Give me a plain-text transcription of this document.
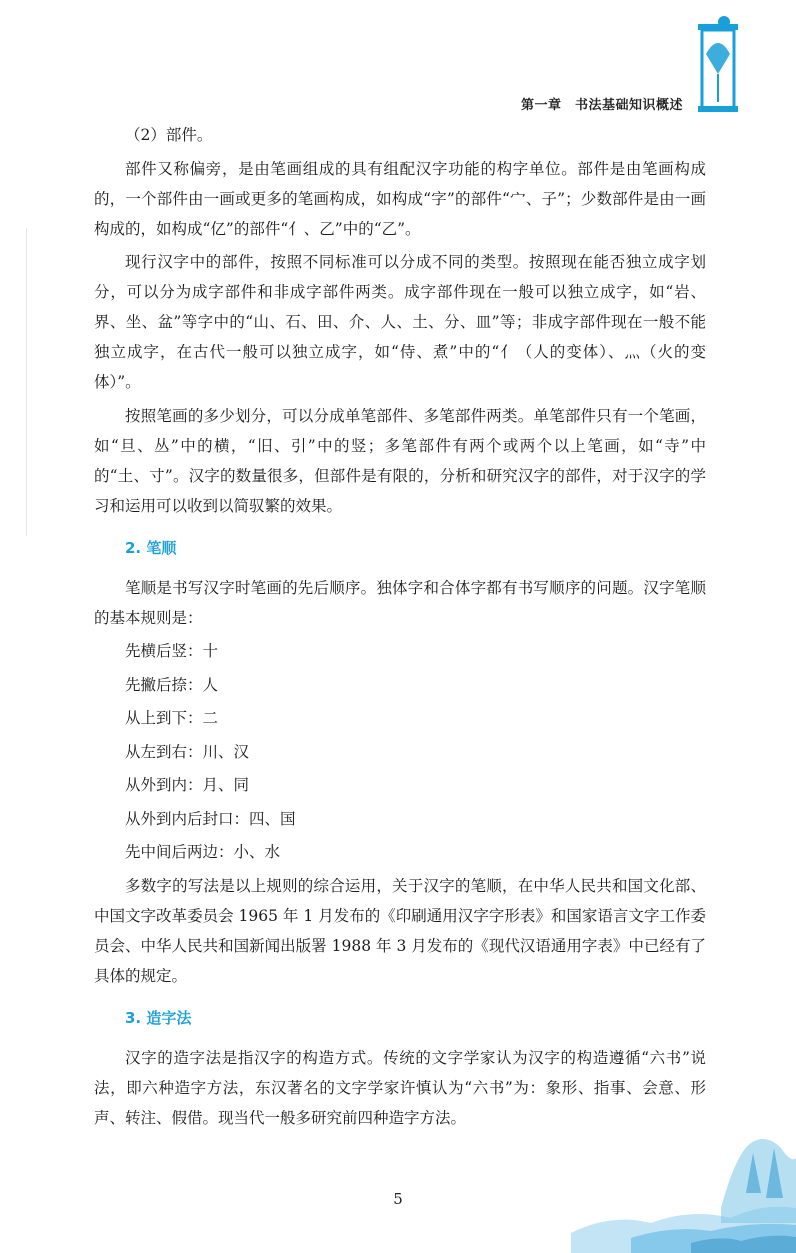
第一章　书法基础知识概述

（2）部件。

部件又称偏旁，是由笔画组成的具有组配汉字功能的构字单位。部件是由笔画构成的，一个部件由一画或更多的笔画构成，如构成“字”的部件“宀、子”；少数部件是由一画构成的，如构成“亿”的部件“亻、乙”中的“乙”。

现行汉字中的部件，按照不同标准可以分成不同的类型。按照现在能否独立成字划分，可以分为成字部件和非成字部件两类。成字部件现在一般可以独立成字，如“岩、界、坐、盆”等字中的“山、石、田、介、人、土、分、皿”等；非成字部件现在一般不能独立成字，在古代一般可以独立成字，如“侍、煮”中的“亻（人的变体）、灬（火的变体）”。

按照笔画的多少划分，可以分成单笔部件、多笔部件两类。单笔部件只有一个笔画，如“旦、丛”中的横，“旧、引”中的竖；多笔部件有两个或两个以上笔画，如“寺”中的“土、寸”。汉字的数量很多，但部件是有限的，分析和研究汉字的部件，对于汉字的学习和运用可以收到以简驭繁的效果。

2. 笔顺

笔顺是书写汉字时笔画的先后顺序。独体字和合体字都有书写顺序的问题。汉字笔顺的基本规则是：

先横后竖：十

先撇后捺：人

从上到下：二

从左到右：川、汉

从外到内：月、同

从外到内后封口：四、国

先中间后两边：小、水

多数字的写法是以上规则的综合运用，关于汉字的笔顺，在中华人民共和国文化部、中国文字改革委员会 1965 年 1 月发布的《印刷通用汉字字形表》和国家语言文字工作委员会、中华人民共和国新闻出版署 1988 年 3 月发布的《现代汉语通用字表》中已经有了具体的规定。

3. 造字法

汉字的造字法是指汉字的构造方式。传统的文字学家认为汉字的构造遵循“六书”说法，即六种造字方法，东汉著名的文字学家许慎认为“六书”为：象形、指事、会意、形声、转注、假借。现当代一般多研究前四种造字方法。

5
